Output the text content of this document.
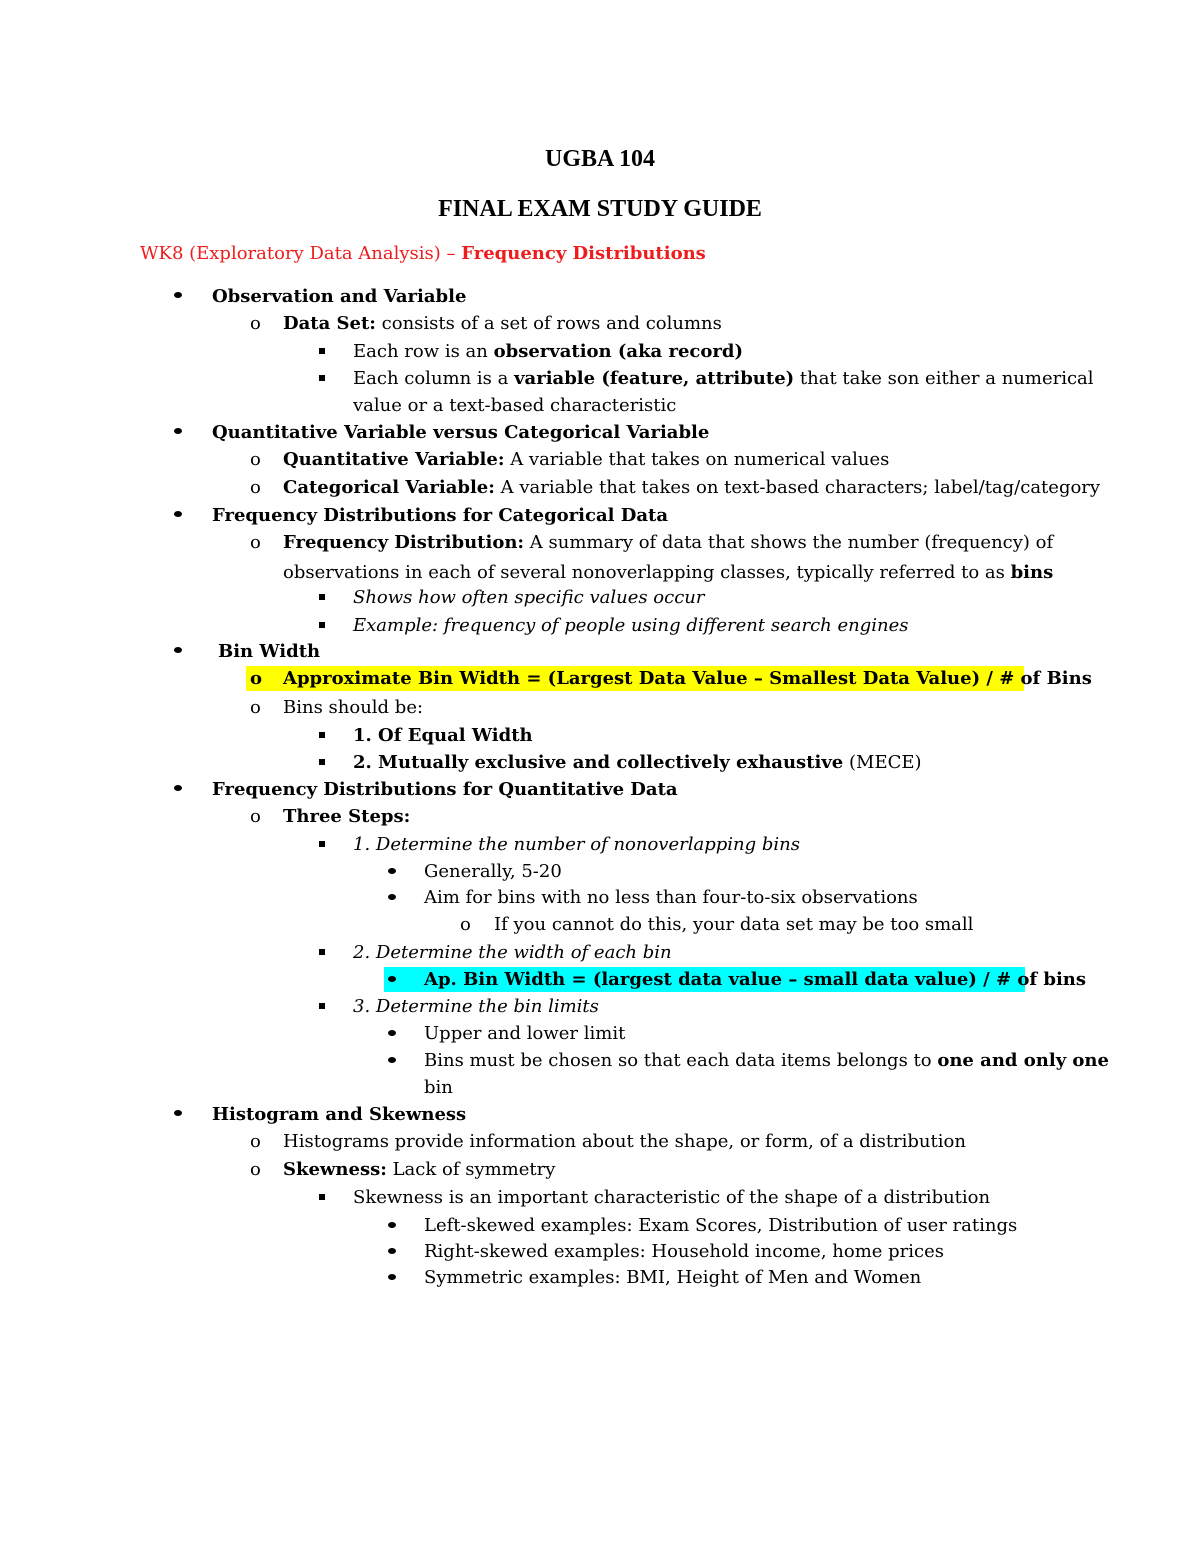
UGBA 104
FINAL EXAM STUDY GUIDE
WK8 (Exploratory Data Analysis) – Frequency Distributions
Observation and Variable
o Data Set: consists of a set of rows and columns
Each row is an observation (aka record)
Each column is a variable (feature, attribute) that take son either a numerical
value or a text-based characteristic
Quantitative Variable versus Categorical Variable
o Quantitative Variable: A variable that takes on numerical values
o Categorical Variable: A variable that takes on text-based characters; label/tag/category
Frequency Distributions for Categorical Data
o Frequency Distribution: A summary of data that shows the number (frequency) of
observations in each of several nonoverlapping classes, typically referred to as bins
Shows how often specific values occur
Example: frequency of people using different search engines
Bin Width
o Approximate Bin Width = (Largest Data Value – Smallest Data Value) / # of Bins
o Bins should be:
1. Of Equal Width
2. Mutually exclusive and collectively exhaustive (MECE)
Frequency Distributions for Quantitative Data
o Three Steps:
1. Determine the number of nonoverlapping bins
Generally, 5-20
Aim for bins with no less than four-to-six observations
o If you cannot do this, your data set may be too small
2. Determine the width of each bin
Ap. Bin Width = (largest data value – small data value) / # of bins
3. Determine the bin limits
Upper and lower limit
Bins must be chosen so that each data items belongs to one and only one
bin
Histogram and Skewness
o Histograms provide information about the shape, or form, of a distribution
o Skewness: Lack of symmetry
Skewness is an important characteristic of the shape of a distribution
Left-skewed examples: Exam Scores, Distribution of user ratings
Right-skewed examples: Household income, home prices
Symmetric examples: BMI, Height of Men and Women
